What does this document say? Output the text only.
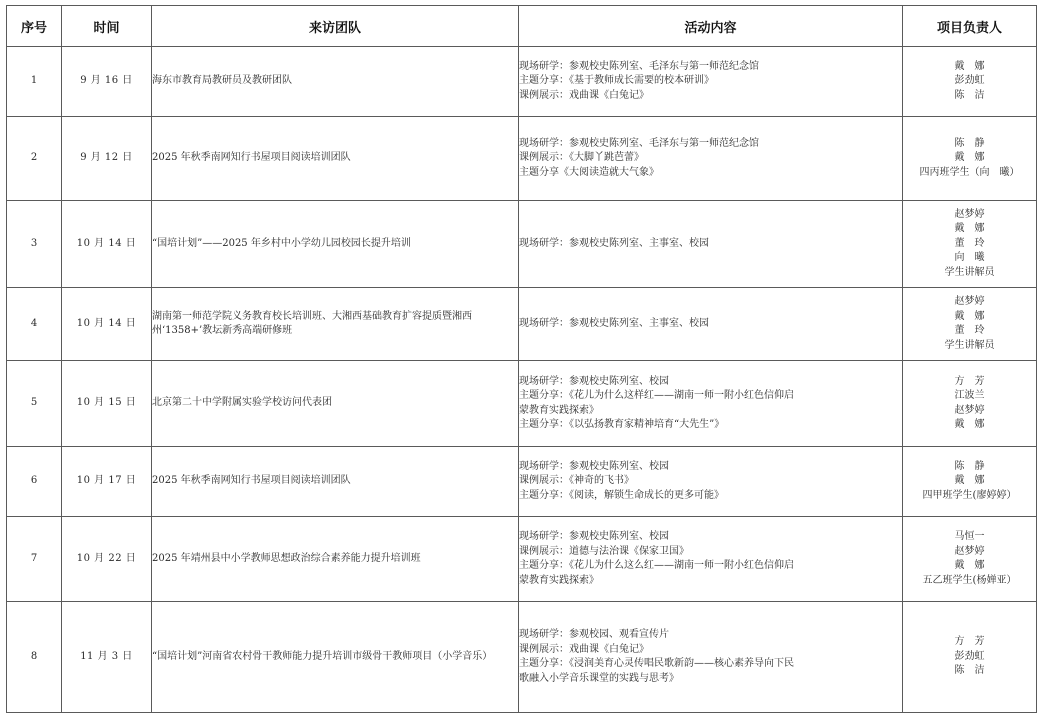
序号	时间	来访团队	活动内容	项目负责人
1	9 月 16 日	海东市教育局教研员及教研团队	现场研学：参观校史陈列室、毛泽东与第一师范纪念馆
主题分享：《基于教师成长需要的校本研训》
课例展示：戏曲课《白兔记》	戴　娜
彭劲虹
陈　洁

2	9 月 12 日	2025 年秋季南网知行书屋项目阅读培训团队	现场研学：参观校史陈列室、毛泽东与第一师范纪念馆
课例展示：《大脚丫跳芭蕾》
主题分享《大阅读造就大气象》	陈　静
戴　娜
四丙班学生（向　曦）

3	10 月 14 日	“国培计划”——2025 年乡村中小学幼儿园校园长提升培训	现场研学：参观校史陈列室、主事室、校园	赵梦婷
戴　娜
董　玲
向　曦
学生讲解员

4	10 月 14 日	湖南第一师范学院义务教育校长培训班、大湘西基础教育扩容提质暨湘西州‘1358+’教坛新秀高端研修班	现场研学：参观校史陈列室、主事室、校园	赵梦婷
戴　娜
董　玲
学生讲解员

5	10 月 15 日	北京第二十中学附属实验学校访问代表团	现场研学：参观校史陈列室、校园
主题分享：《花儿为什么这样红——湖南一师一附小红色信仰启
蒙教育实践探索》
主题分享：《以弘扬教育家精神培育“大先生”》	方　芳
江波兰
赵梦婷
戴　娜

6	10 月 17 日	2025 年秋季南网知行书屋项目阅读培训团队	现场研学：参观校史陈列室、校园
课例展示：《神奇的飞书》
主题分享：《阅读，解锁生命成长的更多可能》	陈　静
戴　娜
四甲班学生(廖婷婷）

7	10 月 22 日	2025 年靖州县中小学教师思想政治综合素养能力提升培训班	现场研学：参观校史陈列室、校园
课例展示：道德与法治课《保家卫国》
主题分享：《花儿为什么这么红——湖南一师一附小红色信仰启
蒙教育实践探索》	马恒一
赵梦婷
戴　娜
五乙班学生(杨婵亚）

8	11 月 3 日	“国培计划”河南省农村骨干教师能力提升培训市级骨干教师项目（小学音乐）	现场研学：参观校园、观看宣传片
课例展示：戏曲课《白兔记》
主题分享：《浸润美育心灵传唱民歌新韵——核心素养导向下民
歌融入小学音乐课堂的实践与思考》	方　芳
彭劲虹
陈　洁
